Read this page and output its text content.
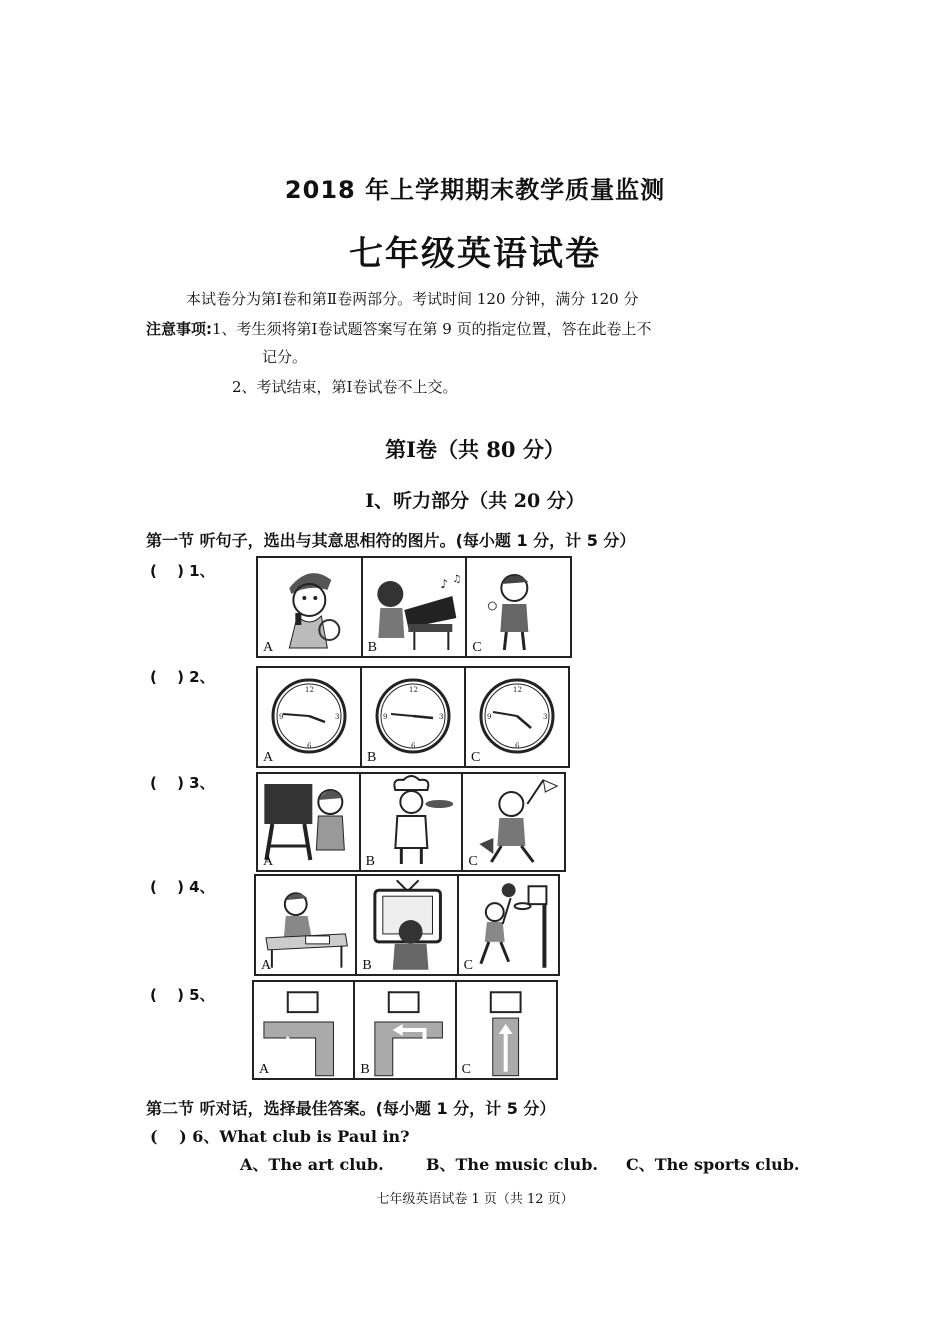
2018 年上学期期末教学质量监测
七年级英语试卷
本试卷分为第Ⅰ卷和第Ⅱ卷两部分。考试时间 120 分钟，满分 120 分
注意事项:1、考生须将第Ⅰ卷试题答案写在第 9 页的指定位置，答在此卷上不
记分。
2、考试结束，第Ⅰ卷试卷不上交。
第Ⅰ卷（共 80 分）
Ⅰ、听力部分（共 20 分）
第一节 听句子，选出与其意思相符的图片。(每小题 1 分，计 5 分）
(　 ) 1、
A
♪ ♫
B	C
(　 ) 2、
12
3
6
9
A
12
3
6
9
B
12
3
6
9
C
(　 ) 3、
A	B	C
(　 ) 4、
A	B	C
(　 ) 5、
A	B	C
第二节 听对话，选择最佳答案。(每小题 1 分，计 5 分）
(　 ) 6、What club is Paul in?
A、The art club.	B、The music club. C、The sports club.
七年级英语试卷 1 页（共 12 页）
